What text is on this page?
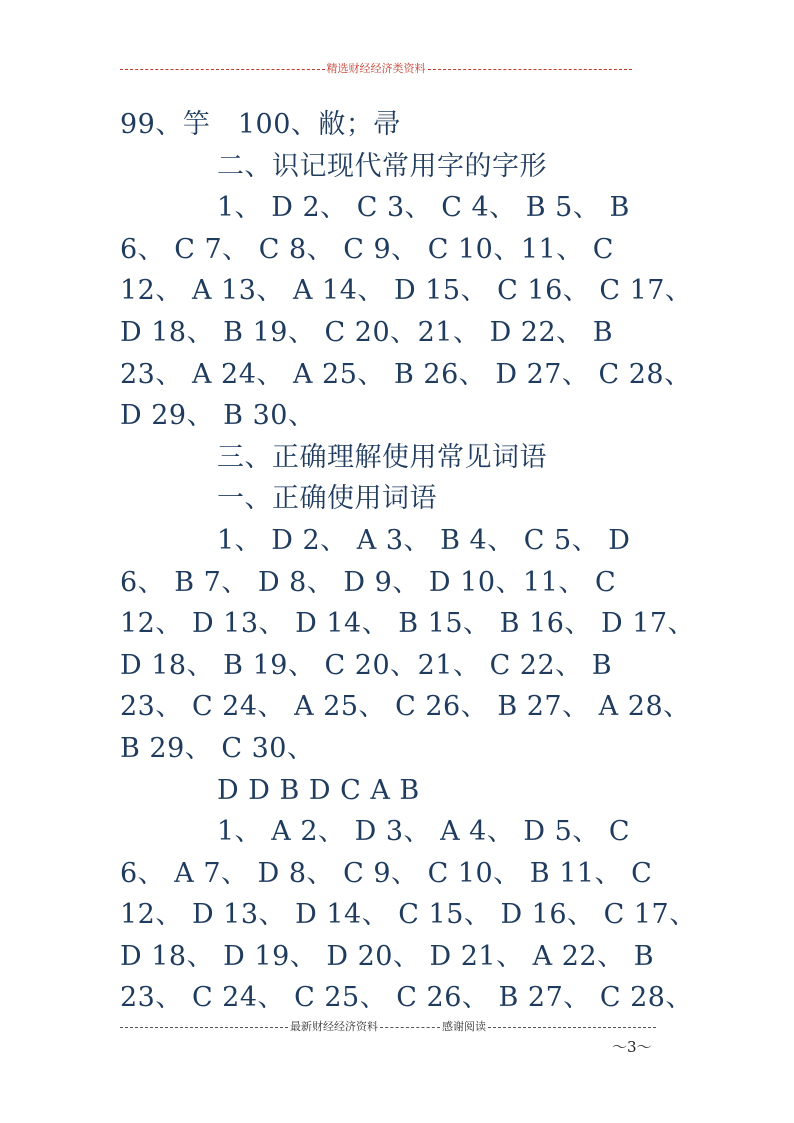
精选财经经济类资料
99、竽　100、敝；帚
二、识记现代常用字的字形
1、 D 2、 C 3、 C 4、 B 5、 B
6、 C 7、 C 8、 C 9、 C 10、11、 C
12、 A 13、 A 14、 D 15、 C 16、 C 17、
D 18、 B 19、 C 20、21、 D 22、 B
23、 A 24、 A 25、 B 26、 D 27、 C 28、
D 29、 B 30、
三、正确理解使用常见词语
一、正确使用词语
1、 D 2、 A 3、 B 4、 C 5、 D
6、 B 7、 D 8、 D 9、 D 10、11、 C
12、 D 13、 D 14、 B 15、 B 16、 D 17、
D 18、 B 19、 C 20、21、 C 22、 B
23、 C 24、 A 25、 C 26、 B 27、 A 28、
B 29、 C 30、
D D B D C A B
1、 A 2、 D 3、 A 4、 D 5、 C
6、 A 7、 D 8、 C 9、 C 10、 B 11、 C
12、 D 13、 D 14、 C 15、 D 16、 C 17、
D 18、 D 19、 D 20、 D 21、 A 22、 B
23、 C 24、 C 25、 C 26、 B 27、 C 28、
最新财经经济资料	感谢阅读
～3～
